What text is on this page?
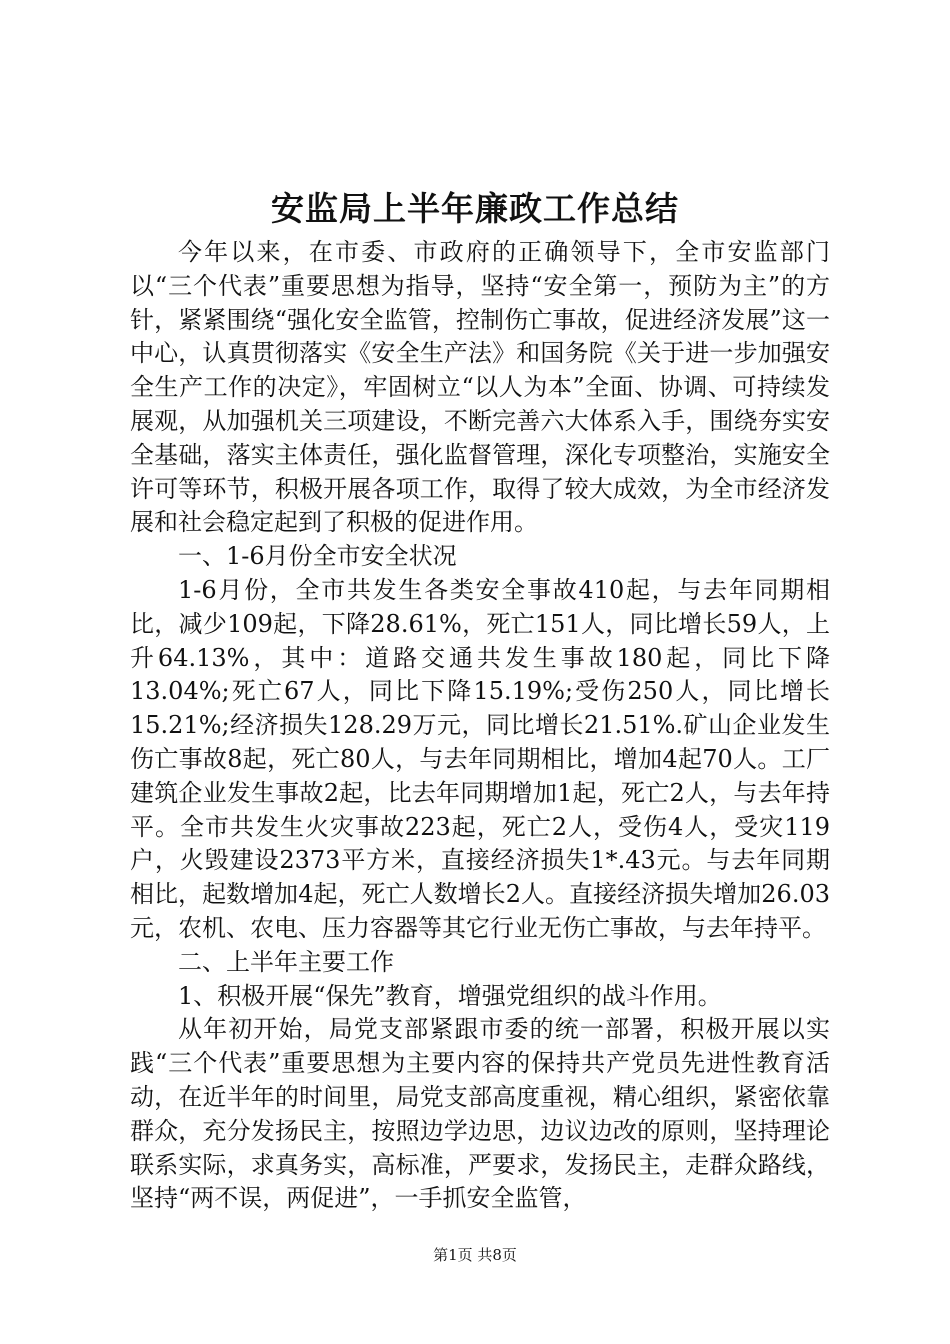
安监局上半年廉政工作总结

今年以来，在市委、市政府的正确领导下，全市安监部门以“三个代表”重要思想为指导，坚持“安全第一，预防为主”的方针，紧紧围绕“强化安全监管，控制伤亡事故，促进经济发展”这一中心，认真贯彻落实《安全生产法》和国务院《关于进一步加强安全生产工作的决定》，牢固树立“以人为本”全面、协调、可持续发展观，从加强机关三项建设，不断完善六大体系入手，围绕夯实安全基础，落实主体责任，强化监督管理，深化专项整治，实施安全许可等环节，积极开展各项工作，取得了较大成效，为全市经济发展和社会稳定起到了积极的促进作用。

一、1-6月份全市安全状况

1-6月份，全市共发生各类安全事故410起，与去年同期相比，减少109起，下降28.61%，死亡151人，同比增长59人，上升64.13%，其中：道路交通共发生事故180起，同比下降13.04%;死亡67人，同比下降15.19%;受伤250人，同比增长15.21%;经济损失128.29万元，同比增长21.51%.矿山企业发生伤亡事故8起，死亡80人，与去年同期相比，增加4起70人。工厂建筑企业发生事故2起，比去年同期增加1起，死亡2人，与去年持平。全市共发生火灾事故223起，死亡2人，受伤4人，受灾119户，火毁建设2373平方米，直接经济损失1*.43元。与去年同期相比，起数增加4起，死亡人数增长2人。直接经济损失增加26.03元，农机、农电、压力容器等其它行业无伤亡事故，与去年持平。

二、上半年主要工作

1、积极开展“保先”教育，增强党组织的战斗作用。

从年初开始，局党支部紧跟市委的统一部署，积极开展以实践“三个代表”重要思想为主要内容的保持共产党员先进性教育活动，在近半年的时间里，局党支部高度重视，精心组织，紧密依靠群众，充分发扬民主，按照边学边思，边议边改的原则，坚持理论联系实际，求真务实，高标准，严要求，发扬民主，走群众路线，坚持“两不误，两促进”，一手抓安全监管，

第1页 共8页
